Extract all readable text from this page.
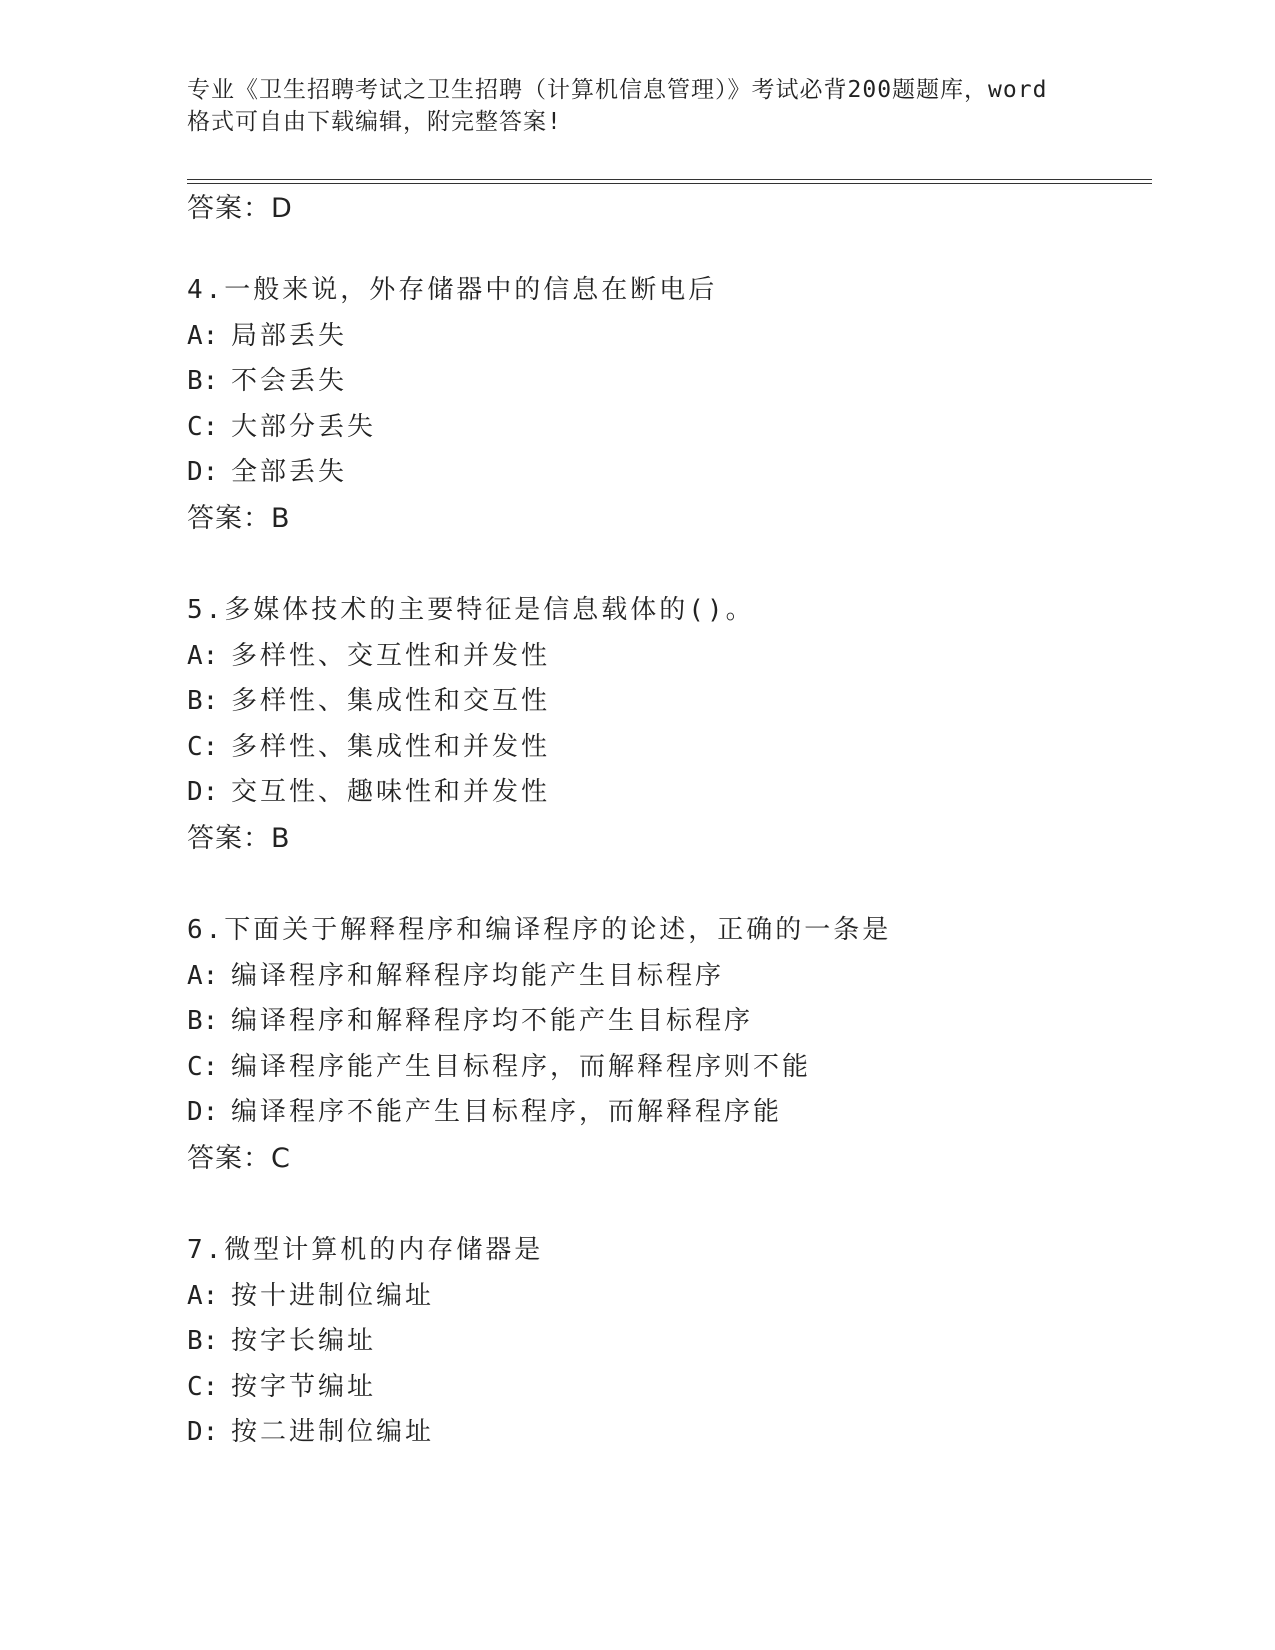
专业《卫生招聘考试之卫生招聘（计算机信息管理）》考试必背200题题库，word
格式可自由下载编辑，附完整答案!
答案：D
4.一般来说，外存储器中的信息在断电后
A: 局部丢失
B: 不会丢失
C: 大部分丢失
D: 全部丢失
答案：B
5.多媒体技术的主要特征是信息载体的()。
A: 多样性、交互性和并发性
B: 多样性、集成性和交互性
C: 多样性、集成性和并发性
D: 交互性、趣味性和并发性
答案：B
6.下面关于解释程序和编译程序的论述，正确的一条是
A: 编译程序和解释程序均能产生目标程序
B: 编译程序和解释程序均不能产生目标程序
C: 编译程序能产生目标程序，而解释程序则不能
D: 编译程序不能产生目标程序，而解释程序能
答案：C
7.微型计算机的内存储器是
A: 按十进制位编址
B: 按字长编址
C: 按字节编址
D: 按二进制位编址
